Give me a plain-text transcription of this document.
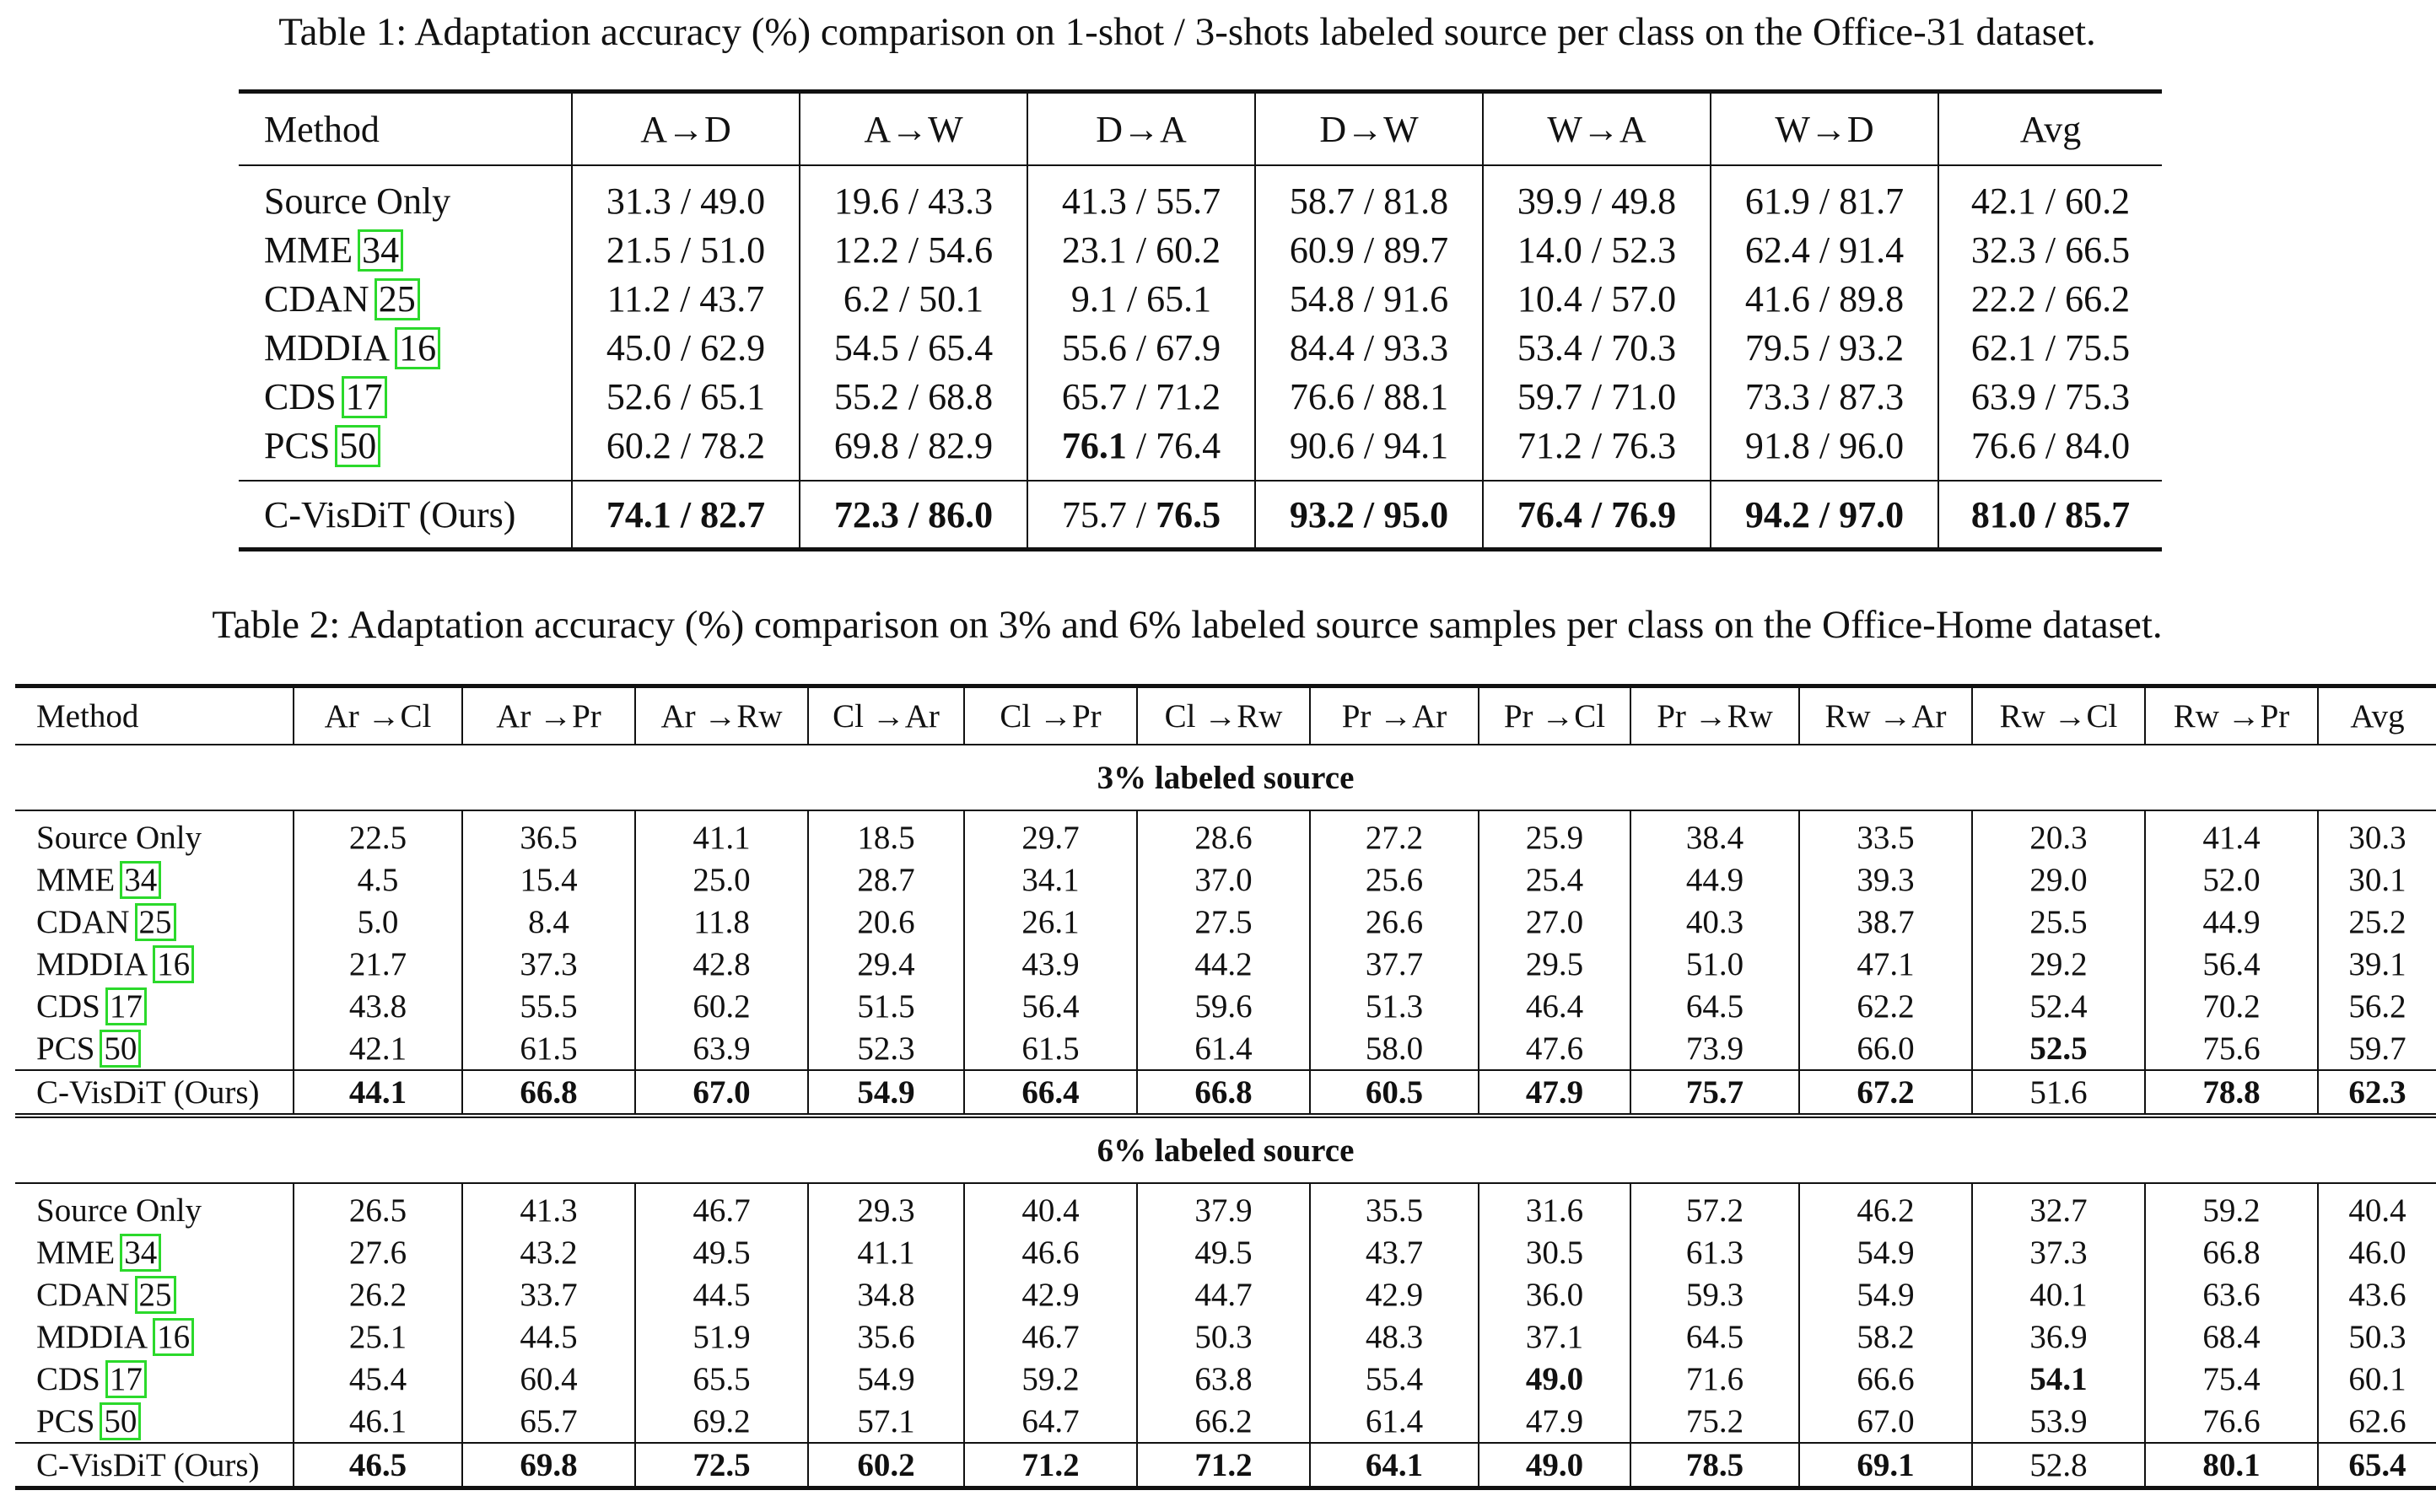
Table 1: Adaptation accuracy (%) comparison on 1-shot / 3-shots labeled source per class on the Office-31 dataset.
Method	A→D	A→W	D→A	D→W	W→A	W→D	Avg
Source Only	31.3 / 49.0	19.6 / 43.3	41.3 / 55.7	58.7 / 81.8	39.9 / 49.8	61.9 / 81.7	42.1 / 60.2
MME 34	21.5 / 51.0	12.2 / 54.6	23.1 / 60.2	60.9 / 89.7	14.0 / 52.3	62.4 / 91.4	32.3 / 66.5
CDAN 25	11.2 / 43.7	6.2 / 50.1	9.1 / 65.1	54.8 / 91.6	10.4 / 57.0	41.6 / 89.8	22.2 / 66.2
MDDIA 16	45.0 / 62.9	54.5 / 65.4	55.6 / 67.9	84.4 / 93.3	53.4 / 70.3	79.5 / 93.2	62.1 / 75.5
CDS 17	52.6 / 65.1	55.2 / 68.8	65.7 / 71.2	76.6 / 88.1	59.7 / 71.0	73.3 / 87.3	63.9 / 75.3
PCS 50	60.2 / 78.2	69.8 / 82.9	76.1 / 76.4	90.6 / 94.1	71.2 / 76.3	91.8 / 96.0	76.6 / 84.0
C-VisDiT (Ours)	74.1 / 82.7	72.3 / 86.0	75.7 / 76.5	93.2 / 95.0	76.4 / 76.9	94.2 / 97.0	81.0 / 85.7
Table 2: Adaptation accuracy (%) comparison on 3% and 6% labeled source samples per class on the Office-Home dataset.
Method	Ar →Cl	Ar →Pr	Ar →Rw	Cl →Ar	Cl →Pr	Cl →Rw	Pr →Ar	Pr →Cl	Pr →Rw	Rw →Ar	Rw →Cl	Rw →Pr	Avg
3% labeled source													
Source Only	22.5	36.5	41.1	18.5	29.7	28.6	27.2	25.9	38.4	33.5	20.3	41.4	30.3
MME 34	4.5	15.4	25.0	28.7	34.1	37.0	25.6	25.4	44.9	39.3	29.0	52.0	30.1
CDAN 25	5.0	8.4	11.8	20.6	26.1	27.5	26.6	27.0	40.3	38.7	25.5	44.9	25.2
MDDIA 16	21.7	37.3	42.8	29.4	43.9	44.2	37.7	29.5	51.0	47.1	29.2	56.4	39.1
CDS 17	43.8	55.5	60.2	51.5	56.4	59.6	51.3	46.4	64.5	62.2	52.4	70.2	56.2
PCS 50	42.1	61.5	63.9	52.3	61.5	61.4	58.0	47.6	73.9	66.0	52.5	75.6	59.7
C-VisDiT (Ours)	44.1	66.8	67.0	54.9	66.4	66.8	60.5	47.9	75.7	67.2	51.6	78.8	62.3
6% labeled source													
Source Only	26.5	41.3	46.7	29.3	40.4	37.9	35.5	31.6	57.2	46.2	32.7	59.2	40.4
MME 34	27.6	43.2	49.5	41.1	46.6	49.5	43.7	30.5	61.3	54.9	37.3	66.8	46.0
CDAN 25	26.2	33.7	44.5	34.8	42.9	44.7	42.9	36.0	59.3	54.9	40.1	63.6	43.6
MDDIA 16	25.1	44.5	51.9	35.6	46.7	50.3	48.3	37.1	64.5	58.2	36.9	68.4	50.3
CDS 17	45.4	60.4	65.5	54.9	59.2	63.8	55.4	49.0	71.6	66.6	54.1	75.4	60.1
PCS 50	46.1	65.7	69.2	57.1	64.7	66.2	61.4	47.9	75.2	67.0	53.9	76.6	62.6
C-VisDiT (Ours)	46.5	69.8	72.5	60.2	71.2	71.2	64.1	49.0	78.5	69.1	52.8	80.1	65.4
